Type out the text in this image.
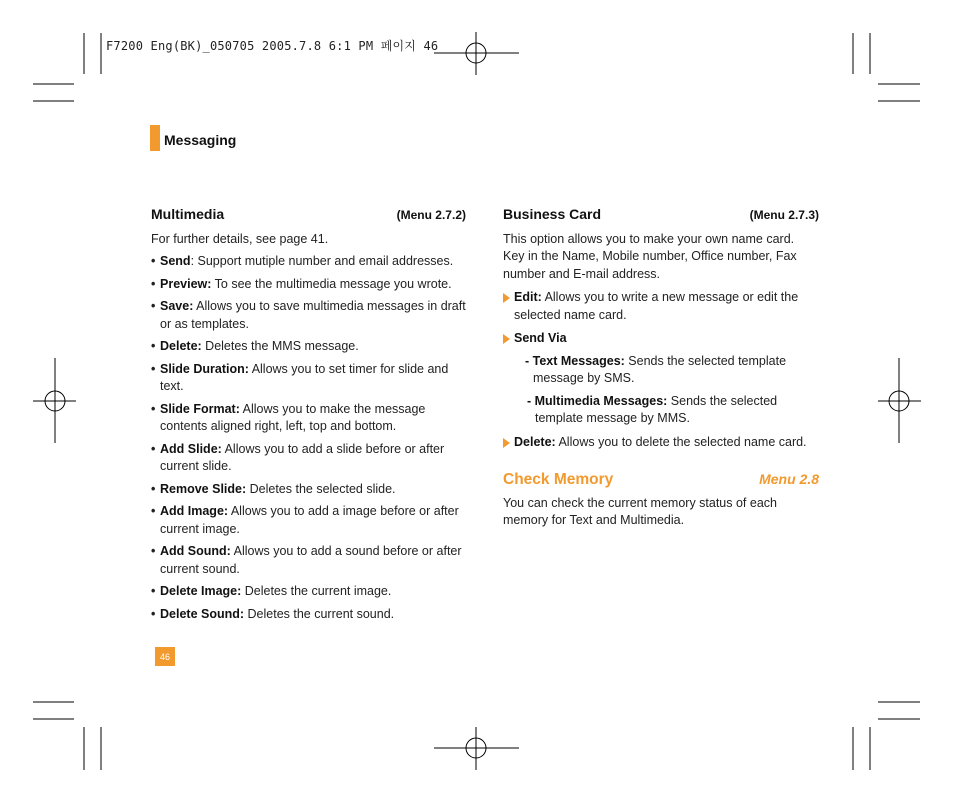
F7200 Eng(BK)_050705 2005.7.8 6:1 PM 페이지 46
Messaging
Multimedia	(Menu 2.7.2)
For further details, see page 41.
• Send: Support mutiple number and email addresses.
• Preview: To see the multimedia message you wrote.
• Save: Allows you to save multimedia messages in draft or as templates.
• Delete: Deletes the MMS message.
• Slide Duration: Allows you to set timer for slide and text.
• Slide Format: Allows you to make the message contents aligned right, left, top and bottom.
• Add Slide: Allows you to add a slide before or after current slide.
• Remove Slide: Deletes the selected slide.
• Add Image: Allows you to add a image before or after current image.
• Add Sound: Allows you to add a sound before or after current sound.
• Delete Image: Deletes the current image.
• Delete Sound: Deletes the current sound.
Business Card	(Menu 2.7.3)
This option allows you to make your own name card. Key in the Name, Mobile number, Office number, Fax number and E-mail address.
Edit: Allows you to write a new message or edit the selected name card.
Send Via
- Text Messages: Sends the selected template message by SMS.
- Multimedia Messages: Sends the selected template message by MMS.
Delete: Allows you to delete the selected name card.
Check Memory	Menu 2.8
You can check the current memory status of each memory for Text and Multimedia.
46
